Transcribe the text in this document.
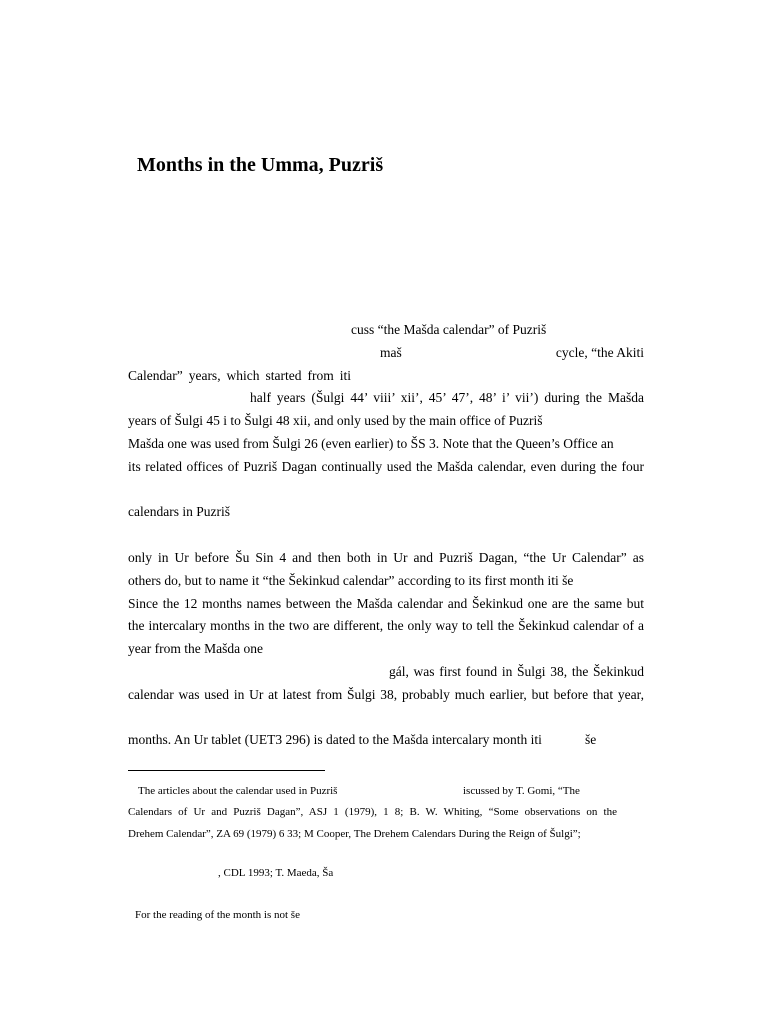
Months in the Umma, Puzriš
cuss “the Mašda calendar” of Puzriš
maš	cycle, “the Akiti
Calendar” years, which started from iti
half years (Šulgi 44’ viii’ xii’, 45’ 47’, 48’ i’ vii’) during the Mašda
years of Šulgi 45 i to Šulgi 48 xii, and only used by the main office of Puzriš
Mašda one was used from Šulgi 26 (even earlier) to ŠS 3. Note that the Queen’s Office an
its related offices of Puzriš Dagan continually used the Mašda calendar, even during the four
calendars in Puzriš
only in Ur before Šu Sin 4 and then both in Ur and Puzriš Dagan, “the Ur Calendar” as
others do, but to name it “the Šekinkud calendar” according to its first month iti še
Since the 12 months names between the Mašda calendar and Šekinkud one are the same but
the intercalary months in the two are different, the only way to tell the Šekinkud calendar of a
year from the Mašda one
gál, was first found in Šulgi 38, the Šekinkud
calendar was used in Ur at latest from Šulgi 38, probably much earlier, but before that year,
months. An Ur tablet (UET3 296) is dated to the Mašda intercalary month iti	še
The articles about the calendar used in Puzriš	iscussed by T. Gomi, “The
Calendars of Ur and Puzriš Dagan”, ASJ 1 (1979), 1 8; B. W. Whiting, “Some observations on the
Drehem Calendar”, ZA 69 (1979) 6 33; M Cooper, The Drehem Calendars During the Reign of Šulgi”;
, CDL 1993; T. Maeda, Ša
For the reading of the month is not še
